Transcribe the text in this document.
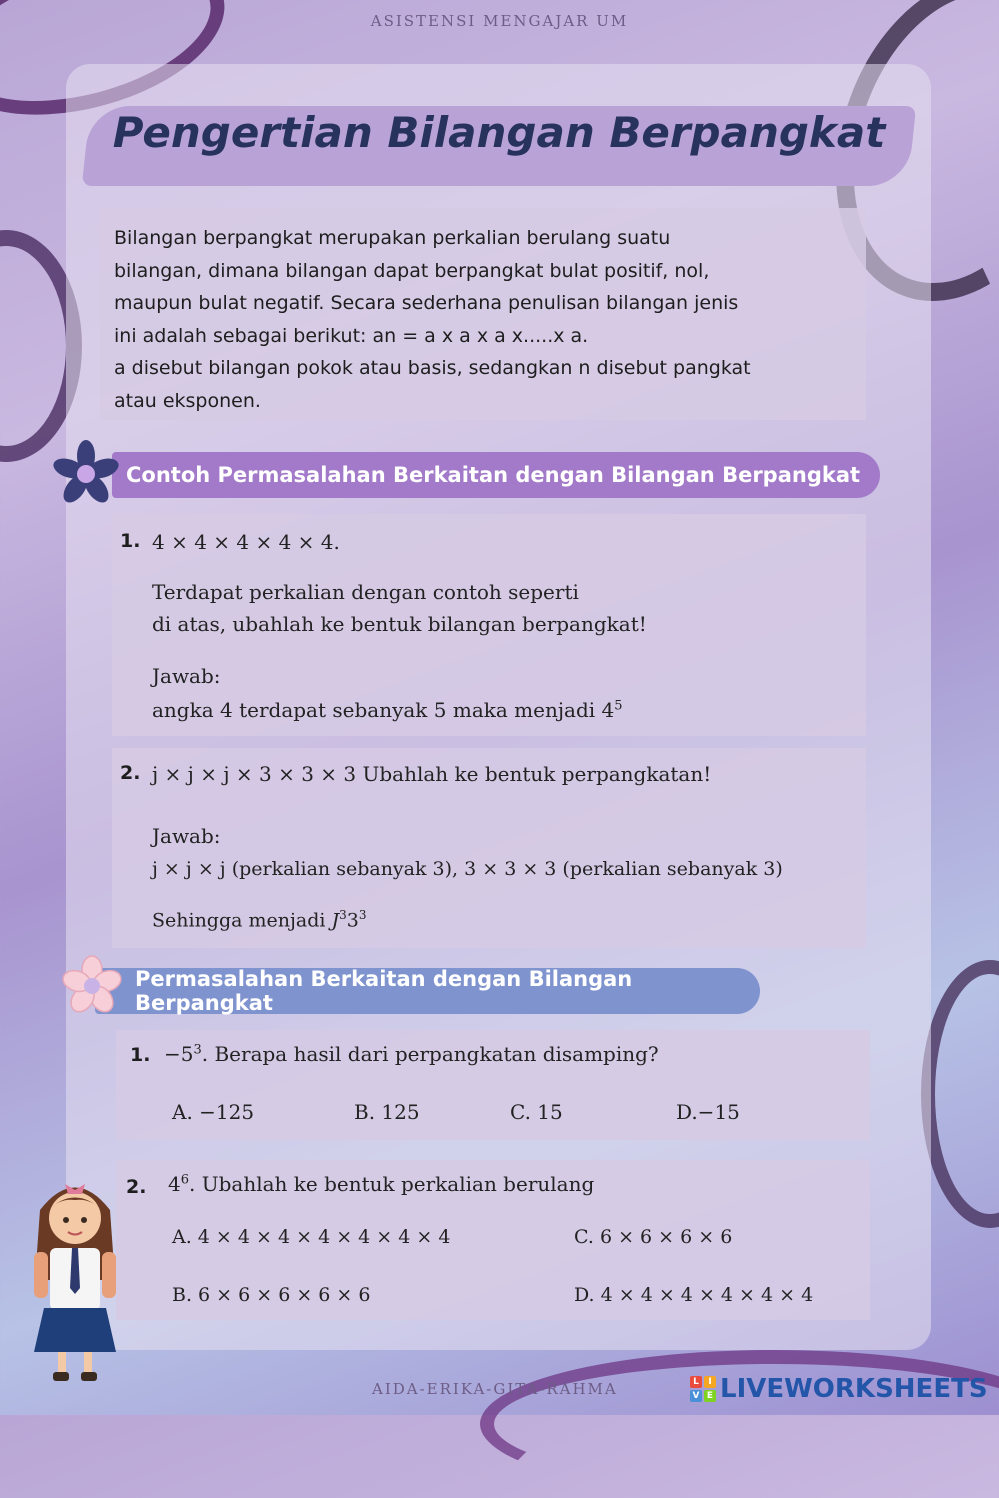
ASISTENSI MENGAJAR UM
Pengertian Bilangan Berpangkat

Bilangan berpangkat merupakan perkalian berulang suatu
bilangan, dimana bilangan dapat berpangkat bulat positif, nol,
maupun bulat negatif. Secara sederhana penulisan bilangan jenis
ini adalah sebagai berikut: an = a x a x a x.....x a.
a disebut bilangan pokok atau basis, sedangkan n disebut pangkat
atau eksponen.

Contoh Permasalahan Berkaitan dengan Bilangan Berpangkat
1. 4 × 4 × 4 × 4 × 4.
Terdapat perkalian dengan contoh seperti
di atas, ubahlah ke bentuk bilangan berpangkat!
Jawab:
angka 4 terdapat sebanyak 5 maka menjadi $4^5$
2. j × j × j × 3 × 3 × 3 Ubahlah ke bentuk perpangkatan!
Jawab:
j × j × j (perkalian sebanyak 3), 3 × 3 × 3 (perkalian sebanyak 3)
Sehingga menjadi $J^33^3$
Permasalahan Berkaitan dengan Bilangan Berpangkat
1. $-5^3$. Berapa hasil dari perpangkatan disamping?
A. −125	B. 125	C. 15	D.−15
2. $4^6$. Ubahlah ke bentuk perkalian berulang
A. 4 × 4 × 4 × 4 × 4 × 4 × 4	C. 6 × 6 × 6 × 6
B. 6 × 6 × 6 × 6 × 6	D. 4 × 4 × 4 × 4 × 4 × 4
AIDA-ERIKA-GITA-RAHMA	L	I
V E LIVEWORKSHEETS
